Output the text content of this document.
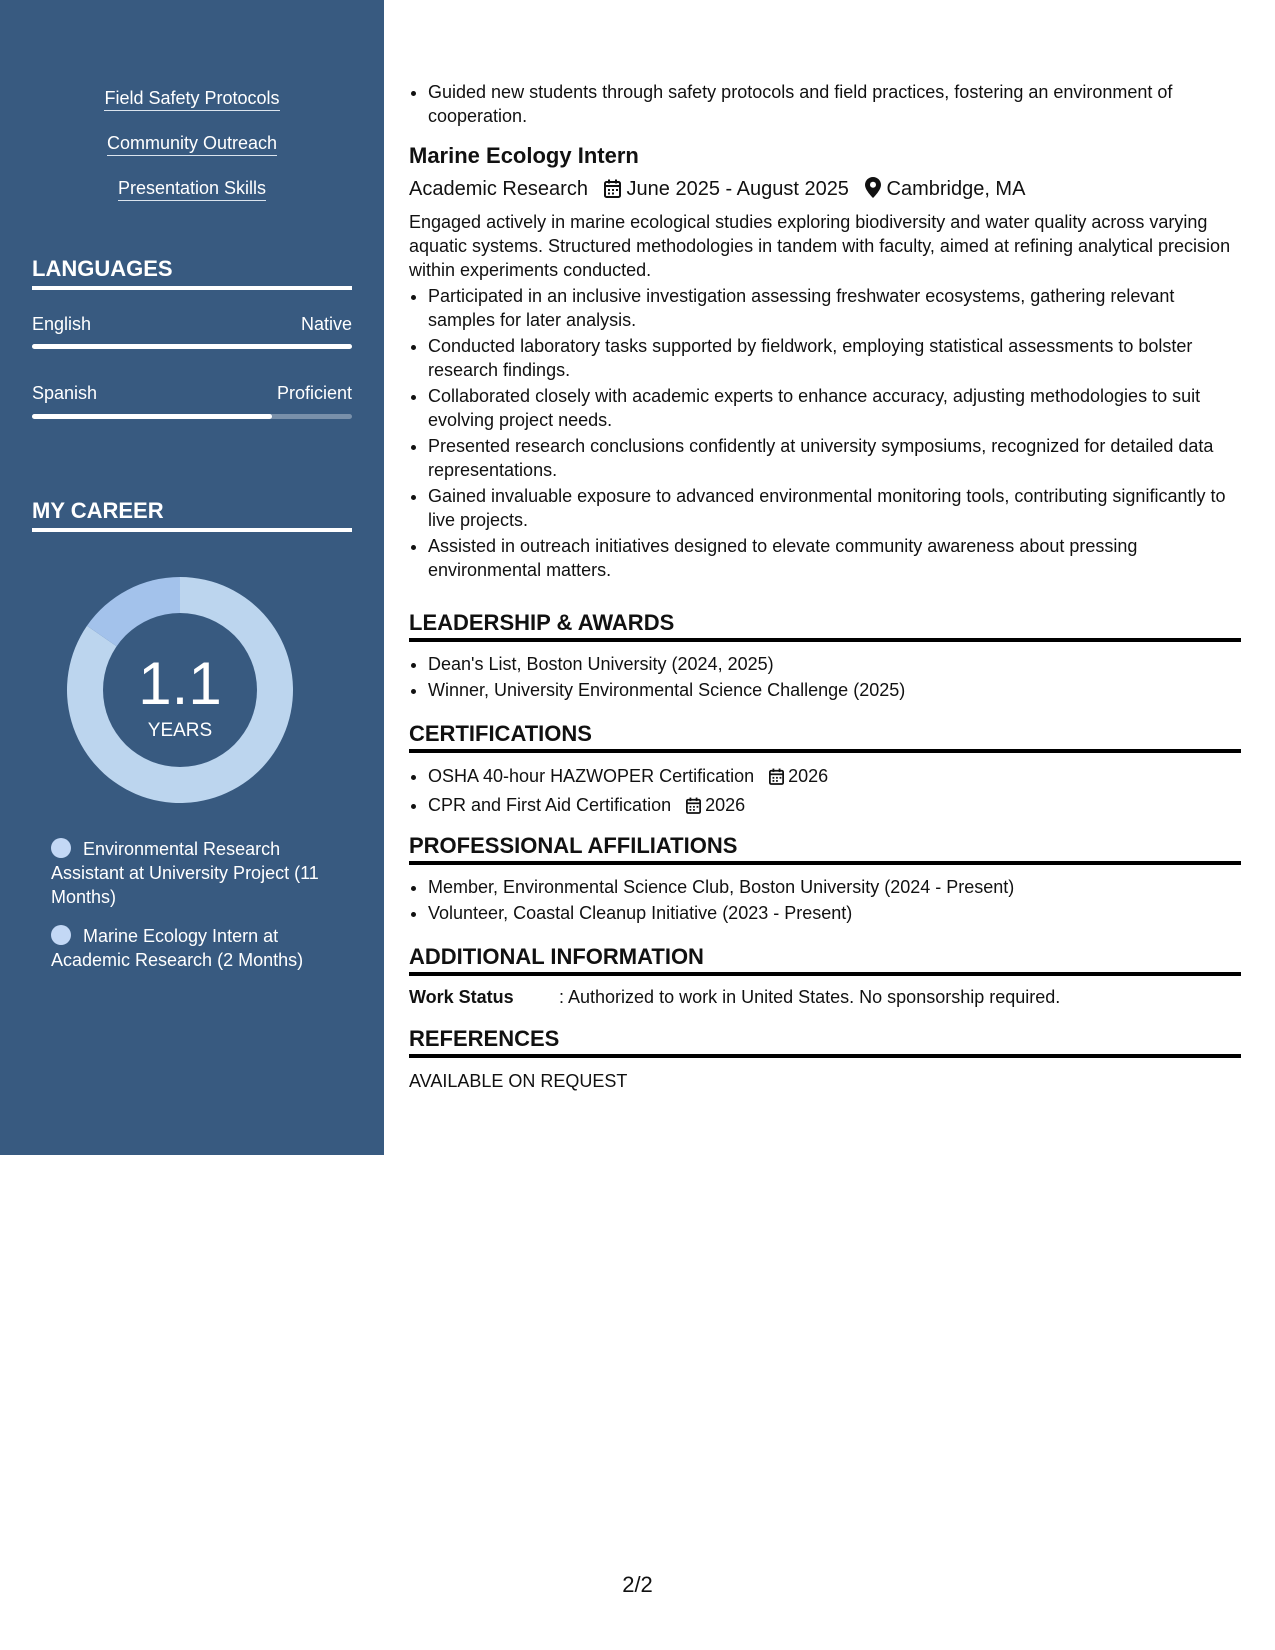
Field Safety Protocols
Community Outreach
Presentation Skills
LANGUAGES
English	Native
Spanish	Proficient
MY CAREER
1.1
YEARS
Environmental Research Assistant at University Project (11 Months)
Marine Ecology Intern at Academic Research (2 Months)
• Guided new students through safety protocols and field practices, fostering an environment of cooperation.
Marine Ecology Intern
Academic Research June 2025 - August 2025 Cambridge, MA
Engaged actively in marine ecological studies exploring biodiversity and water quality across varying aquatic systems. Structured methodologies in tandem with faculty, aimed at refining analytical precision within experiments conducted.
• Participated in an inclusive investigation assessing freshwater ecosystems, gathering relevant samples for later analysis.
• Conducted laboratory tasks supported by fieldwork, employing statistical assessments to bolster research findings.
• Collaborated closely with academic experts to enhance accuracy, adjusting methodologies to suit evolving project needs.
• Presented research conclusions confidently at university symposiums, recognized for detailed data representations.
• Gained invaluable exposure to advanced environmental monitoring tools, contributing significantly to live projects.
• Assisted in outreach initiatives designed to elevate community awareness about pressing environmental matters.
LEADERSHIP & AWARDS
• Dean's List, Boston University (2024, 2025)
• Winner, University Environmental Science Challenge (2025)
CERTIFICATIONS
• OSHA 40-hour HAZWOPER Certification 2026
• CPR and First Aid Certification 2026
PROFESSIONAL AFFILIATIONS
• Member, Environmental Science Club, Boston University (2024 - Present)
• Volunteer, Coastal Cleanup Initiative (2023 - Present)
ADDITIONAL INFORMATION
Work Status	: Authorized to work in United States. No sponsorship required.
REFERENCES
AVAILABLE ON REQUEST
2/2
